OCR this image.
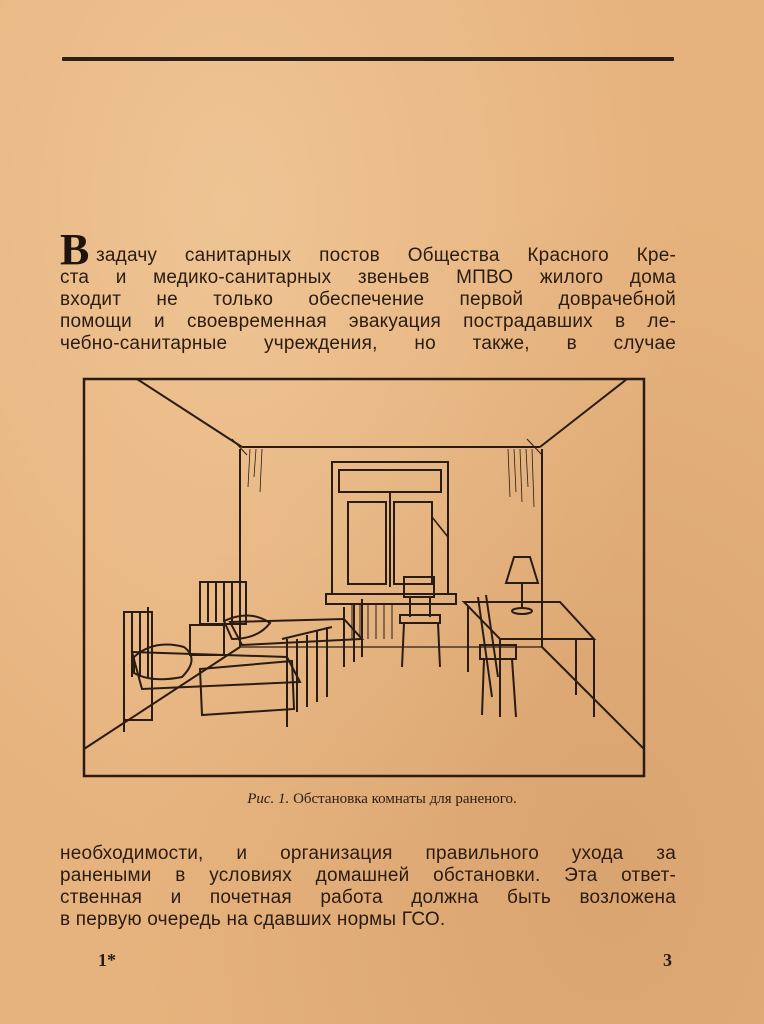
В задачу санитарных постов Общества Красного Кре-
ста и медико-санитарных звеньев МПВО жилого дома
входит не только обеспечение первой доврачебной
помощи и своевременная эвакуация пострадавших в ле-
чебно-санитарные учреждения, но также, в случае
Рис. 1. Обстановка комнаты для раненого.
необходимости, и организация правильного ухода за
ранеными в условиях домашней обстановки. Эта ответ-
ственная и почетная работа должна быть возложена
в первую очередь на сдавших нормы ГСО.
1*	3
